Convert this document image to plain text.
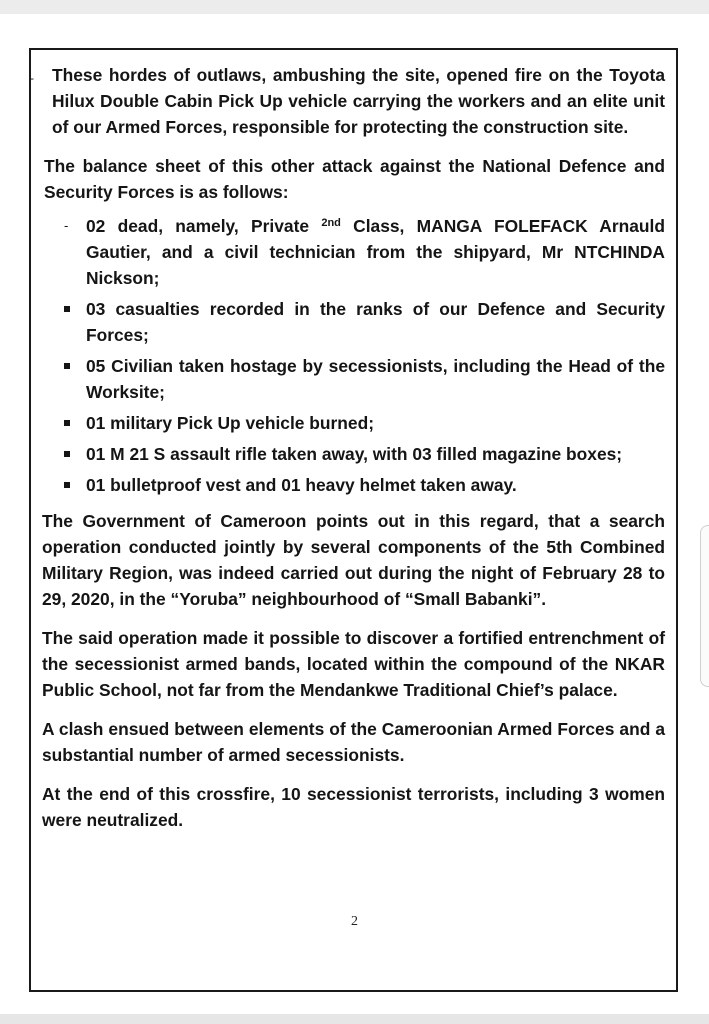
- These hordes of outlaws, ambushing the site, opened fire on the Toyota Hilux Double Cabin Pick Up vehicle carrying the workers and an elite unit of our Armed Forces, responsible for protecting the construction site.

The balance sheet of this other attack against the National Defence and Security Forces is as follows:

- 02 dead, namely, Private $^{2nd}$ Class, MANGA FOLEFACK Arnauld Gautier, and a civil technician from the shipyard, Mr NTCHINDA Nickson;
03 casualties recorded in the ranks of our Defence and Security Forces;
05 Civilian taken hostage by secessionists, including the Head of the Worksite;
01 military Pick Up vehicle burned;
01 M 21 S assault rifle taken away, with 03 filled magazine boxes;
01 bulletproof vest and 01 heavy helmet taken away.

The Government of Cameroon points out in this regard, that a search operation conducted jointly by several components of the 5th Combined Military Region, was indeed carried out during the night of February 28 to 29, 2020, in the “Yoruba” neighbourhood of “Small Babanki”.

The said operation made it possible to discover a fortified entrenchment of the secessionist armed bands, located within the compound of the NKAR Public School, not far from the Mendankwe Traditional Chief’s palace.

A clash ensued between elements of the Cameroonian Armed Forces and a substantial number of armed secessionists.

At the end of this crossfire, 10 secessionist terrorists, including 3 women were neutralized.

2
